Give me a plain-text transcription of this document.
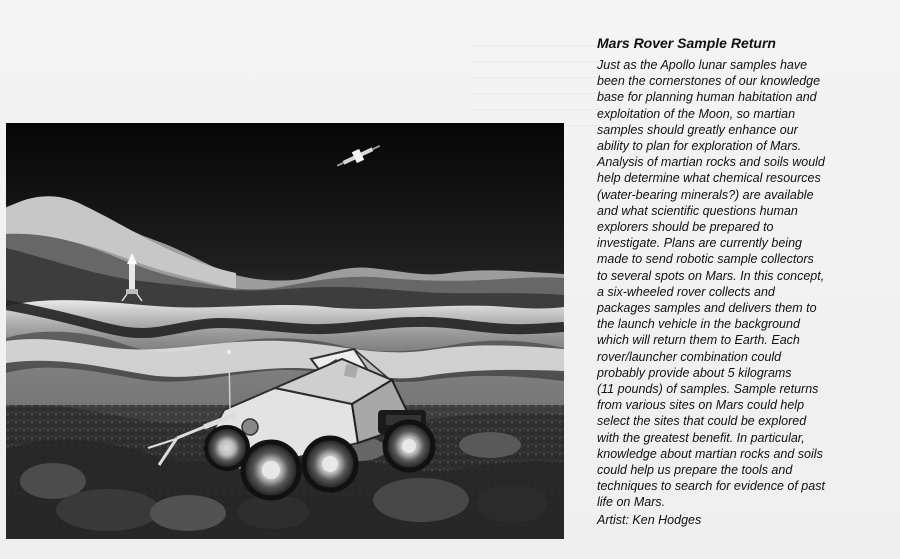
Mars Rover Sample Return

Just as the Apollo lunar samples have
been the cornerstones of our knowledge
base for planning human habitation and
exploitation of the Moon, so martian
samples should greatly enhance our
ability to plan for exploration of Mars.
Analysis of martian rocks and soils would
help determine what chemical resources
(water-bearing minerals?) are available
and what scientific questions human
explorers should be prepared to
investigate. Plans are currently being
made to send robotic sample collectors
to several spots on Mars. In this concept,
a six-wheeled rover collects and
packages samples and delivers them to
the launch vehicle in the background
which will return them to Earth. Each
rover/launcher combination could
probably provide about 5 kilograms
(11 pounds) of samples. Sample returns
from various sites on Mars could help
select the sites that could be explored
with the greatest benefit. In particular,
knowledge about martian rocks and soils
could help us prepare the tools and
techniques to search for evidence of past
life on Mars.

Artist: Ken Hodges
